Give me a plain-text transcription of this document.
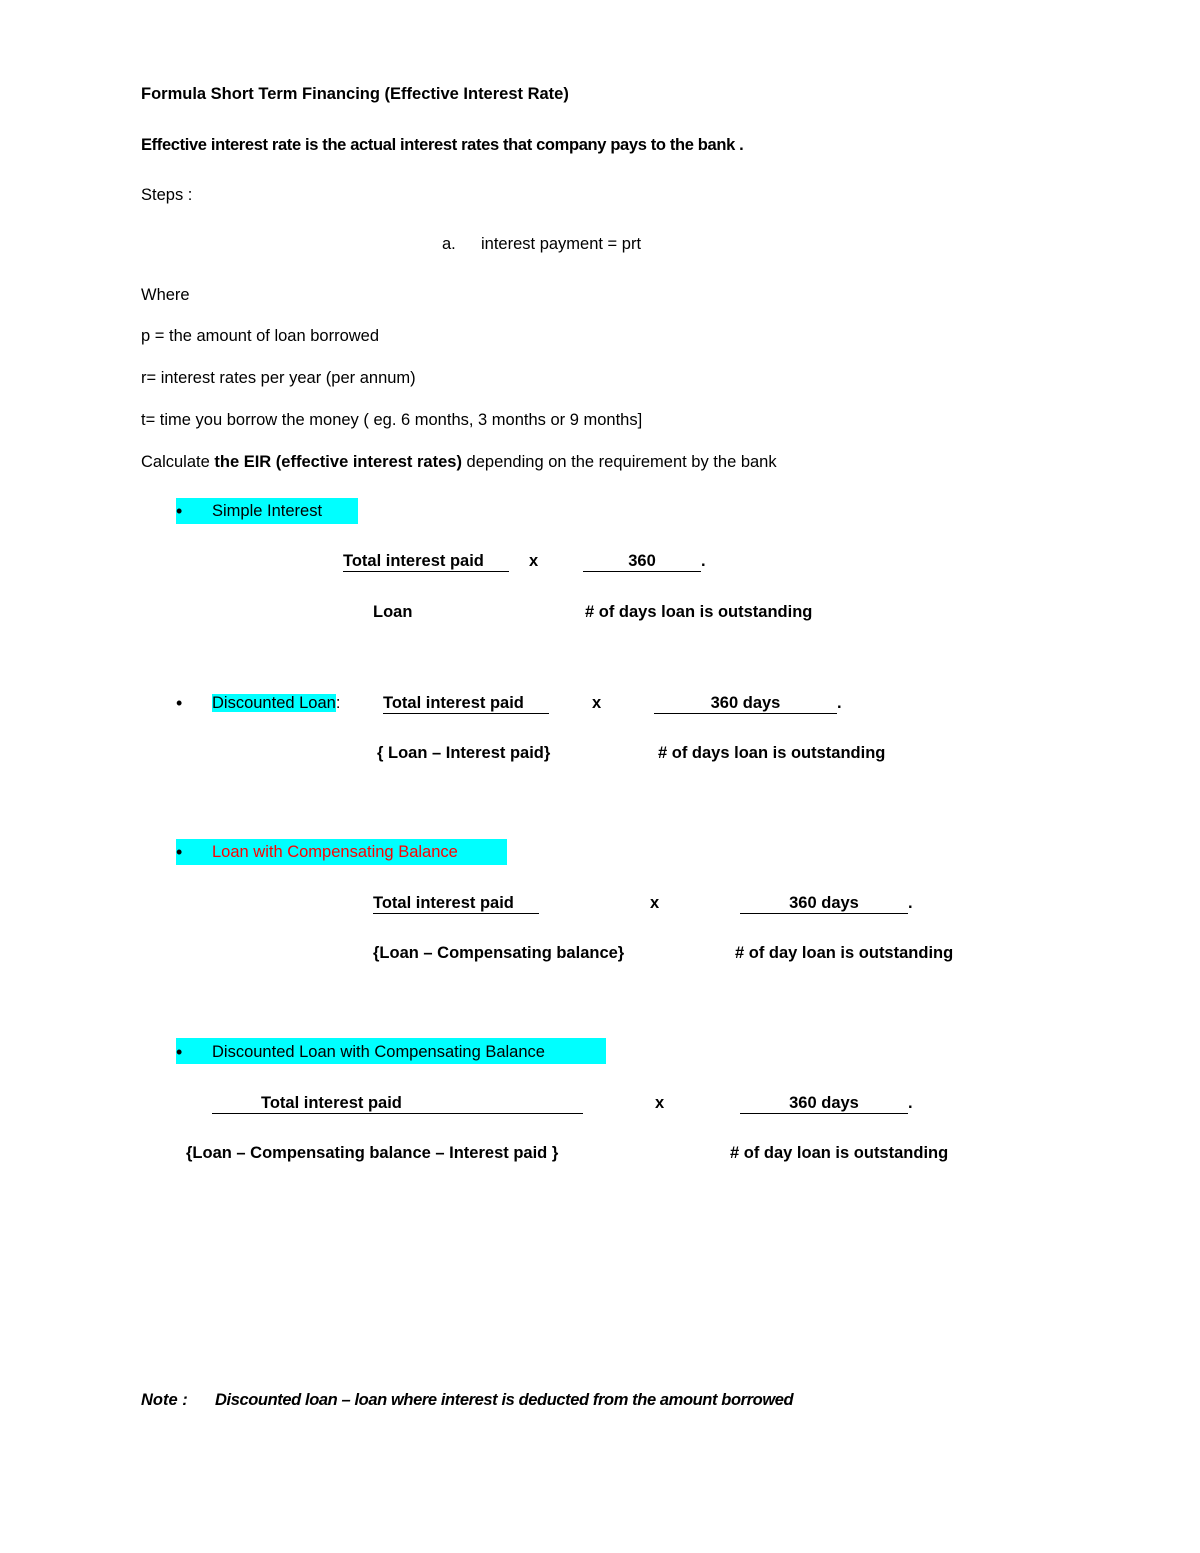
Formula Short Term Financing (Effective Interest Rate)
Effective interest rate is the actual interest rates that company pays to the bank .
Steps :
a. interest payment = prt
Where
p = the amount of loan borrowed
r= interest rates per year (per annum)
t= time you borrow the money ( eg. 6 months, 3 months or 9 months]
Calculate the EIR (effective interest rates) depending on the requirement by the bank
• Simple Interest
Total interest paid	x	360	.
Loan	# of days loan is outstanding
• Discounted Loan:	Total interest paid	x	360 days	.
{ Loan – Interest paid}	# of days loan is outstanding
• Loan with Compensating Balance
Total interest paid	x	360 days	.
{Loan – Compensating balance}	# of day loan is outstanding
• Discounted Loan with Compensating Balance
Total interest paid	x	360 days	.
{Loan – Compensating balance – Interest paid }	# of day loan is outstanding
Note : Discounted loan – loan where interest is deducted from the amount borrowed
